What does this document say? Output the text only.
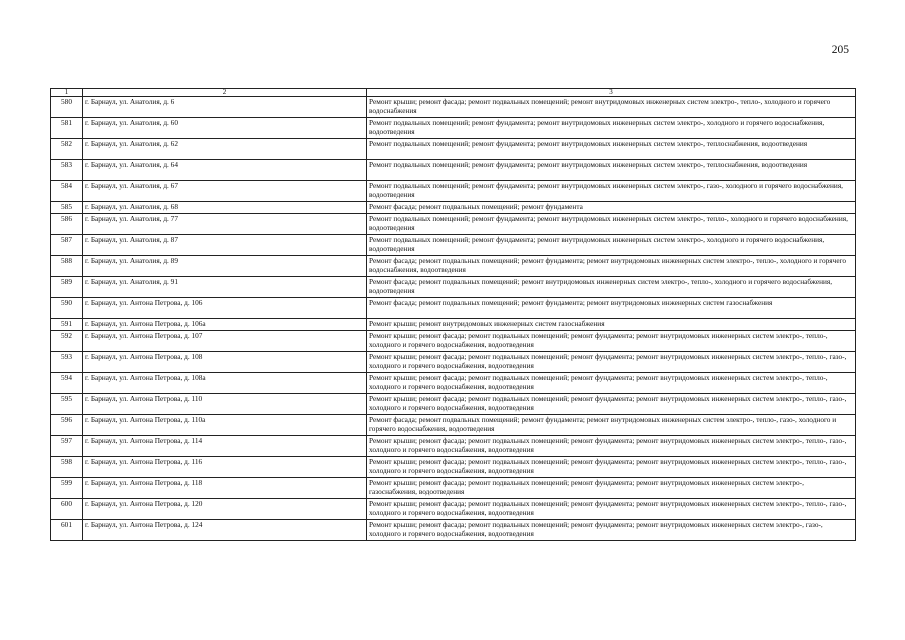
205
1	2	3
580	г. Барнаул, ул. Анатолия, д. 6	Ремонт крыши; ремонт фасада; ремонт подвальных помещений; ремонт внутридомовых инженерных систем электро-, тепло-, холодного и горячего водоснабжения
581	г. Барнаул, ул. Анатолия, д. 60	Ремонт подвальных помещений; ремонт фундамента; ремонт внутридомовых инженерных систем электро-, холодного и горячего водоснабжения, водоотведения
582	г. Барнаул, ул. Анатолия, д. 62	Ремонт подвальных помещений; ремонт фундамента; ремонт внутридомовых инженерных систем электро-, теплоснабжения, водоотведения
583	г. Барнаул, ул. Анатолия, д. 64	Ремонт подвальных помещений; ремонт фундамента; ремонт внутридомовых инженерных систем электро-, теплоснабжения, водоотведения
584	г. Барнаул, ул. Анатолия, д. 67	Ремонт подвальных помещений; ремонт фундамента; ремонт внутридомовых инженерных систем электро-, газо-, холодного и горячего водоснабжения, водоотведения
585	г. Барнаул, ул. Анатолия, д. 68	Ремонт фасада; ремонт подвальных помещений; ремонт фундамента
586	г. Барнаул, ул. Анатолия, д. 77	Ремонт подвальных помещений; ремонт фундамента; ремонт внутридомовых инженерных систем электро-, тепло-, холодного и горячего водоснабжения, водоотведения
587	г. Барнаул, ул. Анатолия, д. 87	Ремонт подвальных помещений; ремонт фундамента; ремонт внутридомовых инженерных систем электро-, холодного и горячего водоснабжения, водоотведения
588	г. Барнаул, ул. Анатолия, д. 89	Ремонт фасада; ремонт подвальных помещений; ремонт фундамента; ремонт внутридомовых инженерных систем электро-, тепло-, холодного и горячего водоснабжения, водоотведения
589	г. Барнаул, ул. Анатолия, д. 91	Ремонт фасада; ремонт подвальных помещений; ремонт внутридомовых инженерных систем электро-, тепло-, холодного и горячего водоснабжения, водоотведения
590	г. Барнаул, ул. Антона Петрова, д. 106	Ремонт фасада; ремонт подвальных помещений; ремонт фундамента; ремонт внутридомовых инженерных систем газоснабжения
591	г. Барнаул, ул. Антона Петрова, д. 106а	Ремонт крыши; ремонт внутридомовых инженерных систем газоснабжения
592	г. Барнаул, ул. Антона Петрова, д. 107	Ремонт крыши; ремонт фасада; ремонт подвальных помещений; ремонт фундамента; ремонт внутридомовых инженерных систем электро-, тепло-, холодного и горячего водоснабжения, водоотведения
593	г. Барнаул, ул. Антона Петрова, д. 108	Ремонт крыши; ремонт фасада; ремонт подвальных помещений; ремонт фундамента; ремонт внутридомовых инженерных систем электро-, тепло-, газо-, холодного и горячего водоснабжения, водоотведения
594	г. Барнаул, ул. Антона Петрова, д. 108а	Ремонт крыши; ремонт фасада; ремонт подвальных помещений; ремонт фундамента; ремонт внутридомовых инженерных систем электро-, тепло-, холодного и горячего водоснабжения, водоотведения
595	г. Барнаул, ул. Антона Петрова, д. 110	Ремонт крыши; ремонт фасада; ремонт подвальных помещений; ремонт фундамента; ремонт внутридомовых инженерных систем электро-, тепло-, газо-, холодного и горячего водоснабжения, водоотведения
596	г. Барнаул, ул. Антона Петрова, д. 110а	Ремонт фасада; ремонт подвальных помещений; ремонт фундамента; ремонт внутридомовых инженерных систем электро-, тепло-, газо-, холодного и горячего водоснабжения, водоотведения
597	г. Барнаул, ул. Антона Петрова, д. 114	Ремонт крыши; ремонт фасада; ремонт подвальных помещений; ремонт фундамента; ремонт внутридомовых инженерных систем электро-, тепло-, газо-, холодного и горячего водоснабжения, водоотведения
598	г. Барнаул, ул. Антона Петрова, д. 116	Ремонт крыши; ремонт фасада; ремонт подвальных помещений; ремонт фундамента; ремонт внутридомовых инженерных систем электро-, тепло-, газо-, холодного и горячего водоснабжения, водоотведения
599	г. Барнаул, ул. Антона Петрова, д. 118	Ремонт крыши; ремонт фасада; ремонт подвальных помещений; ремонт фундамента; ремонт внутридомовых инженерных систем электро-, газоснабжения, водоотведения
600	г. Барнаул, ул. Антона Петрова, д. 120	Ремонт крыши; ремонт фасада; ремонт подвальных помещений; ремонт фундамента; ремонт внутридомовых инженерных систем электро-, тепло-, газо-, холодного и горячего водоснабжения, водоотведения
601	г. Барнаул, ул. Антона Петрова, д. 124	Ремонт крыши; ремонт фасада; ремонт подвальных помещений; ремонт фундамента; ремонт внутридомовых инженерных систем электро-, газо-, холодного и горячего водоснабжения, водоотведения
